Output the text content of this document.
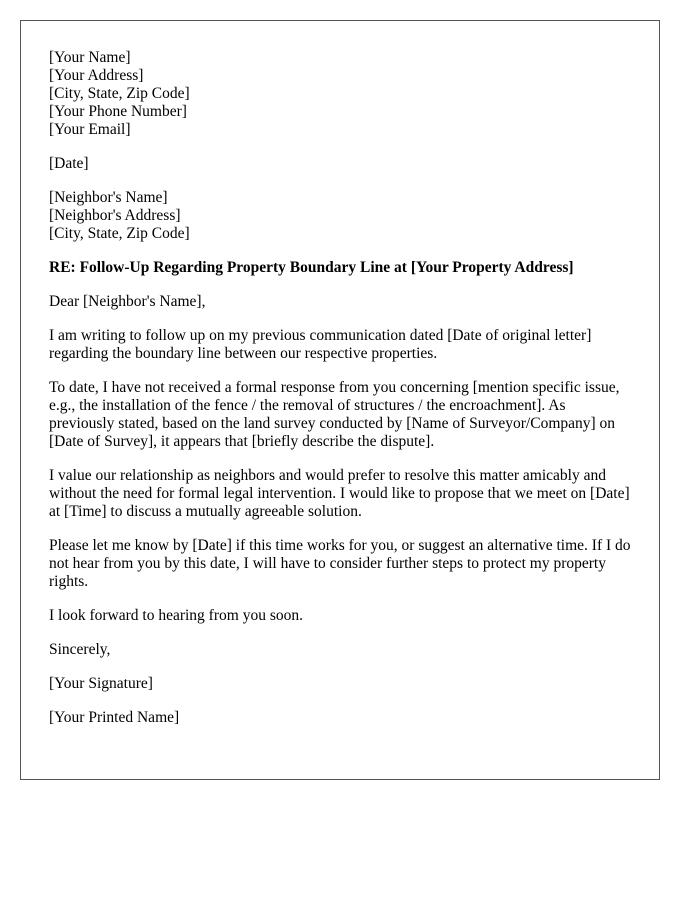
[Your Name]
[Your Address]
[City, State, Zip Code]
[Your Phone Number]
[Your Email]
[Date]
[Neighbor's Name]
[Neighbor's Address]
[City, State, Zip Code]

RE: Follow-Up Regarding Property Boundary Line at [Your Property Address]

Dear [Neighbor's Name],

I am writing to follow up on my previous communication dated [Date of original letter] regarding the boundary line between our respective properties.

To date, I have not received a formal response from you concerning [mention specific issue, e.g., the installation of the fence / the removal of structures / the encroachment]. As previously stated, based on the land survey conducted by [Name of Surveyor/Company] on [Date of Survey], it appears that [briefly describe the dispute].

I value our relationship as neighbors and would prefer to resolve this matter amicably and without the need for formal legal intervention. I would like to propose that we meet on [Date] at [Time] to discuss a mutually agreeable solution.

Please let me know by [Date] if this time works for you, or suggest an alternative time. If I do not hear from you by this date, I will have to consider further steps to protect my property rights.

I look forward to hearing from you soon.

Sincerely,

[Your Signature]

[Your Printed Name]
